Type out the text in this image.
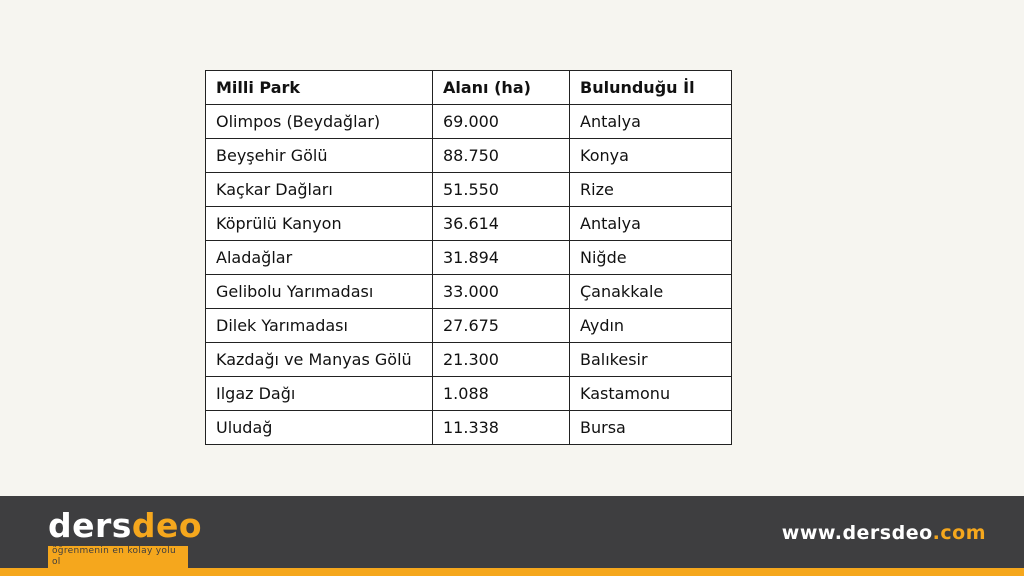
Milli Park	Alanı (ha)	Bulunduğu İl
Olimpos (Beydağlar)	69.000	Antalya
Beyşehir Gölü	88.750	Konya
Kaçkar Dağları	51.550	Rize
Köprülü Kanyon	36.614	Antalya
Aladağlar	31.894	Niğde
Gelibolu Yarımadası	33.000	Çanakkale
Dilek Yarımadası	27.675	Aydın
Kazdağı ve Manyas Gölü	21.300	Balıkesir
Ilgaz Dağı	1.088	Kastamonu
Uludağ	11.338	Bursa
dersdeo
öğrenmenin en kolay yolu ol
www.dersdeo.com
